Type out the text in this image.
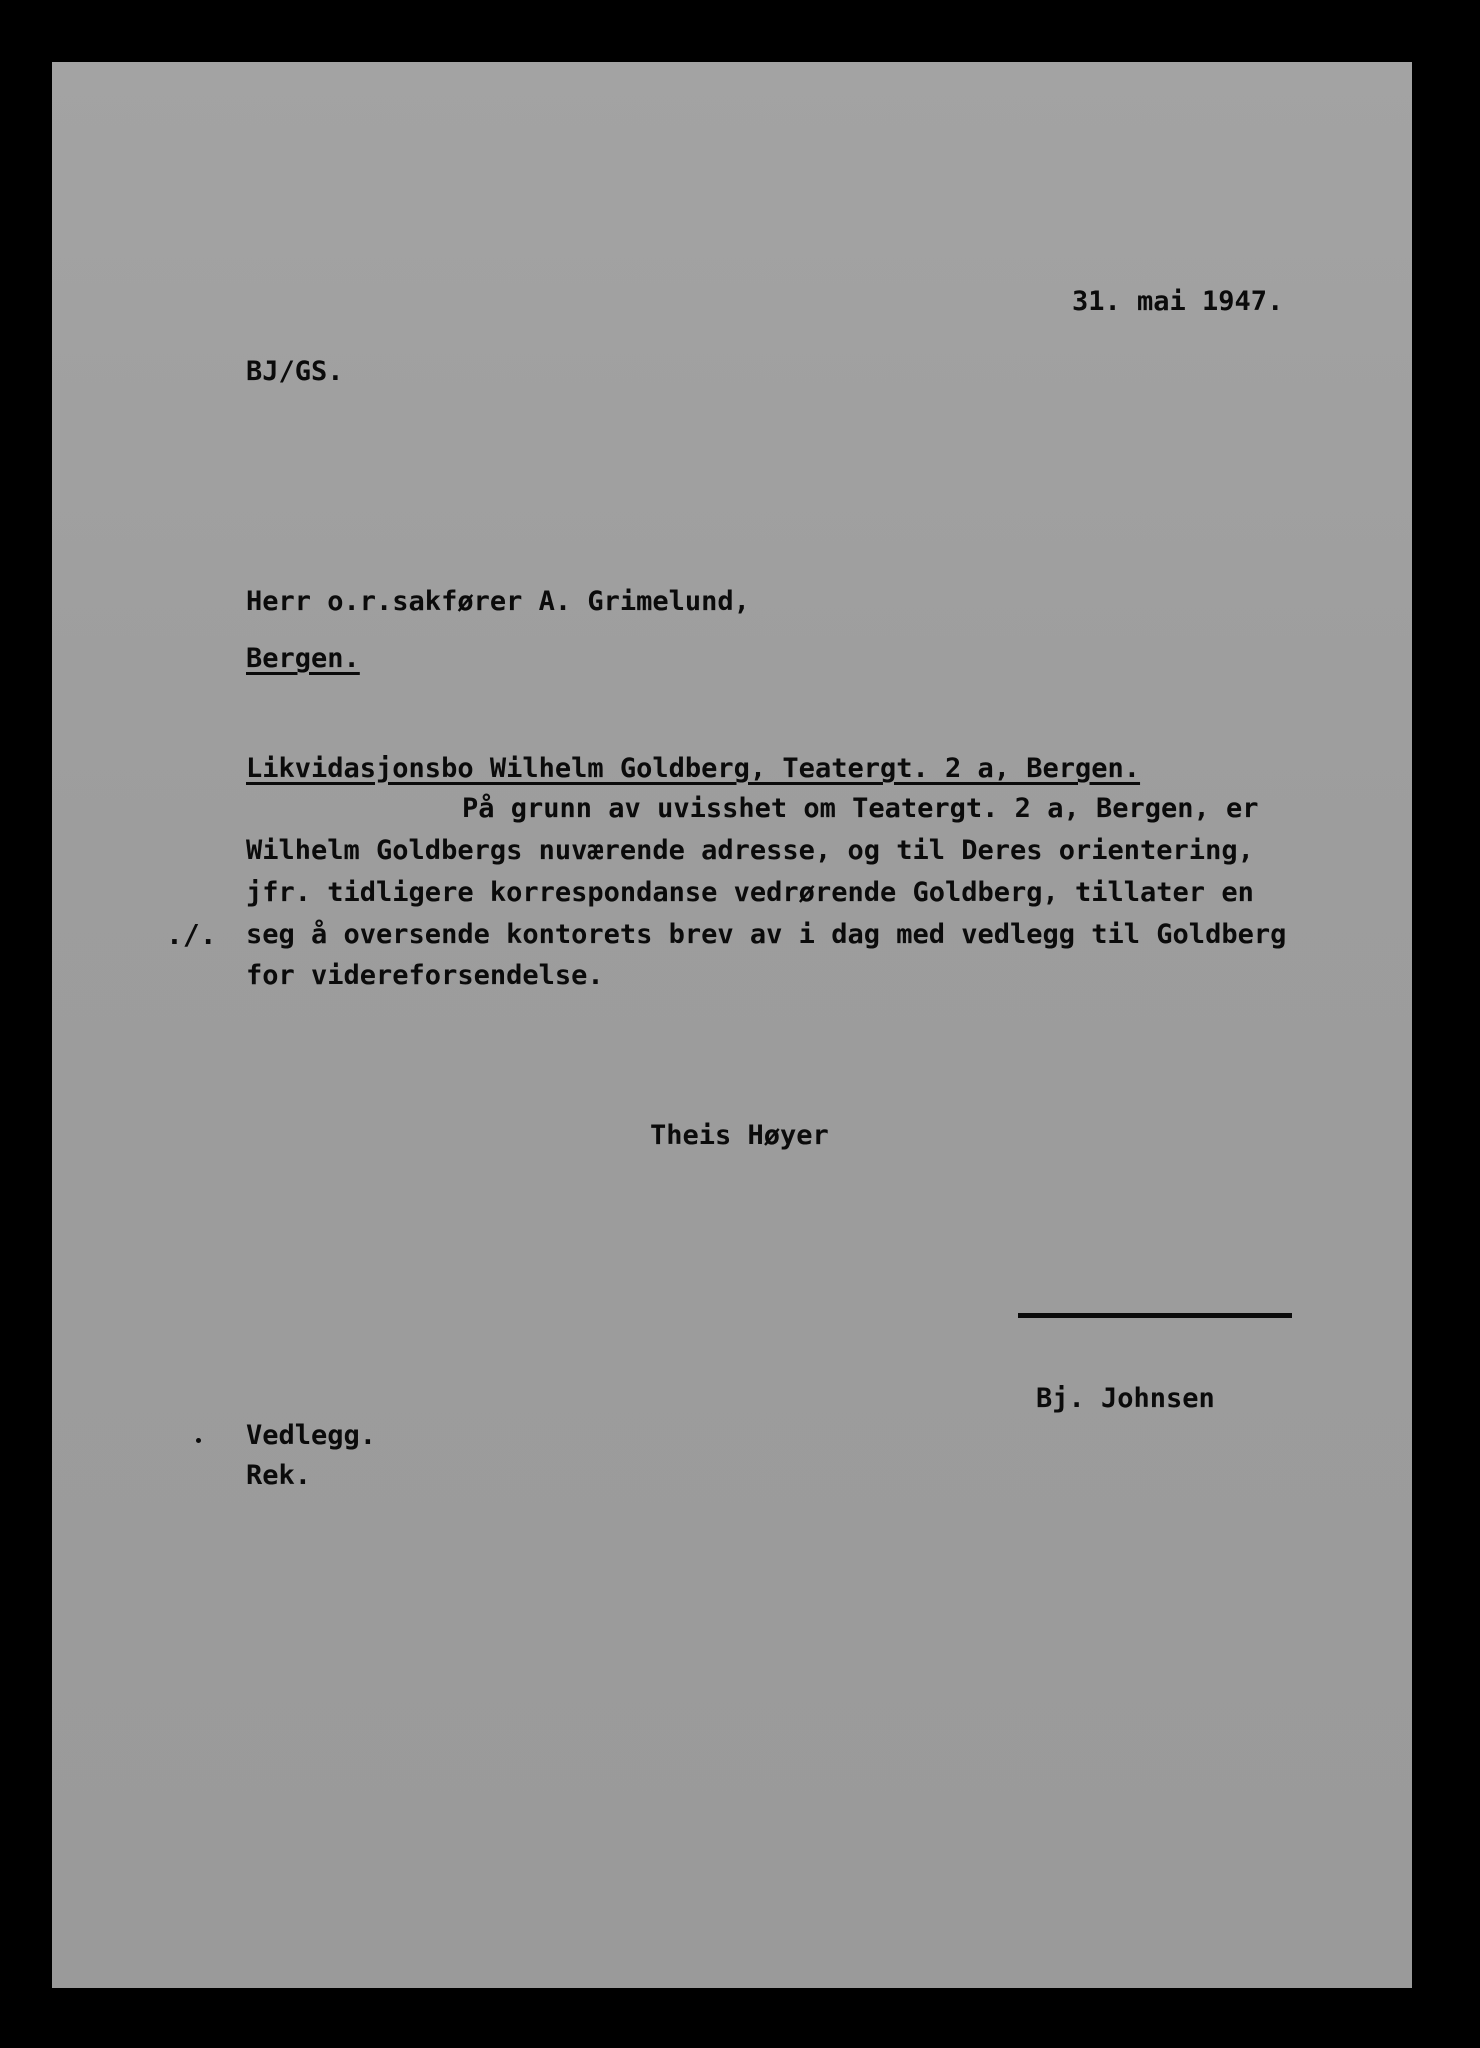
31. mai 1947.
BJ/GS.
Herr o.r.sakfører A. Grimelund,
Bergen.
Likvidasjonsbo Wilhelm Goldberg, Teatergt. 2 a, Bergen.
På grunn av uvisshet om Teatergt. 2 a, Bergen, er
Wilhelm Goldbergs nuværende adresse, og til Deres orientering,
jfr. tidligere korrespondanse vedrørende Goldberg, tillater en
./. seg å oversende kontorets brev av i dag med vedlegg til Goldberg
for videreforsendelse.
Theis Høyer
Bj. Johnsen
Vedlegg.
Rek.
